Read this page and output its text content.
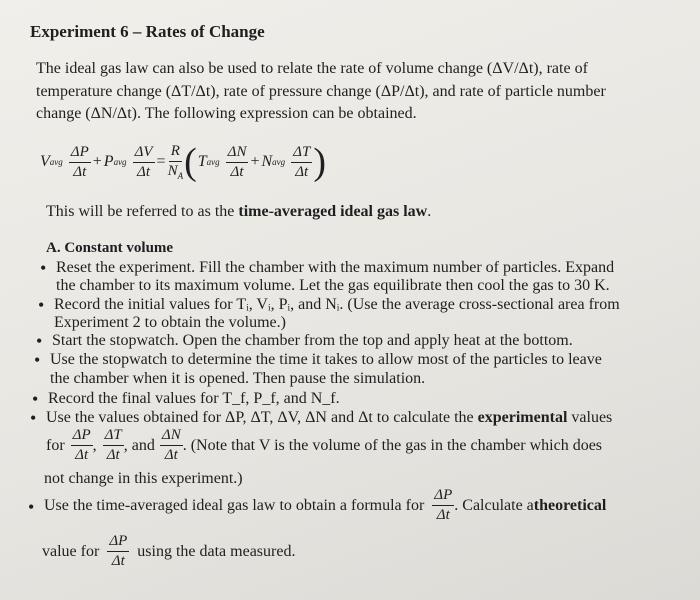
Experiment 6 – Rates of Change
The ideal gas law can also be used to relate the rate of volume change (ΔV/Δt), rate of
temperature change (ΔT/Δt), rate of pressure change (ΔP/Δt), and rate of particle number
change (ΔN/Δt). The following expression can be obtained.
V avg $\frac{\Delta P}{\Delta t} + P$ avg $\frac{\Delta V}{\Delta t} = \frac{R}{N_A}$ ( T avg $\frac{\Delta N}{\Delta t} + N$ avg $\frac{\Delta T}{\Delta t}$ )
This will be referred to as the time-averaged ideal gas law.
A. Constant volume
• Reset the experiment. Fill the chamber with the maximum number of particles. Expand
the chamber to its maximum volume. Let the gas equilibrate then cool the gas to 30 K.
• Record the initial values for Tᵢ, Vᵢ, Pᵢ, and Nᵢ. (Use the average cross-sectional area from
Experiment 2 to obtain the volume.)
• Start the stopwatch. Open the chamber from the top and apply heat at the bottom.
• Use the stopwatch to determine the time it takes to allow most of the particles to leave
the chamber when it is opened. Then pause the simulation.
• Record the final values for T_f, P_f, and N_f.
• Use the values obtained for ΔP, ΔT, ΔV, ΔN and Δt to calculate the experimental values
for $\frac{\Delta P}{\Delta t}$ , $\frac{\Delta T}{\Delta t}$ , and $\frac{\Delta N}{\Delta t}$ . (Note that V is the volume of the gas in the chamber which does
not change in this experiment.)
• Use the time-averaged ideal gas law to obtain a formula for $\frac{\Delta P}{\Delta t}$ . Calculate a theoretical
value for $\frac{\Delta P}{\Delta t}$ using the data measured.
